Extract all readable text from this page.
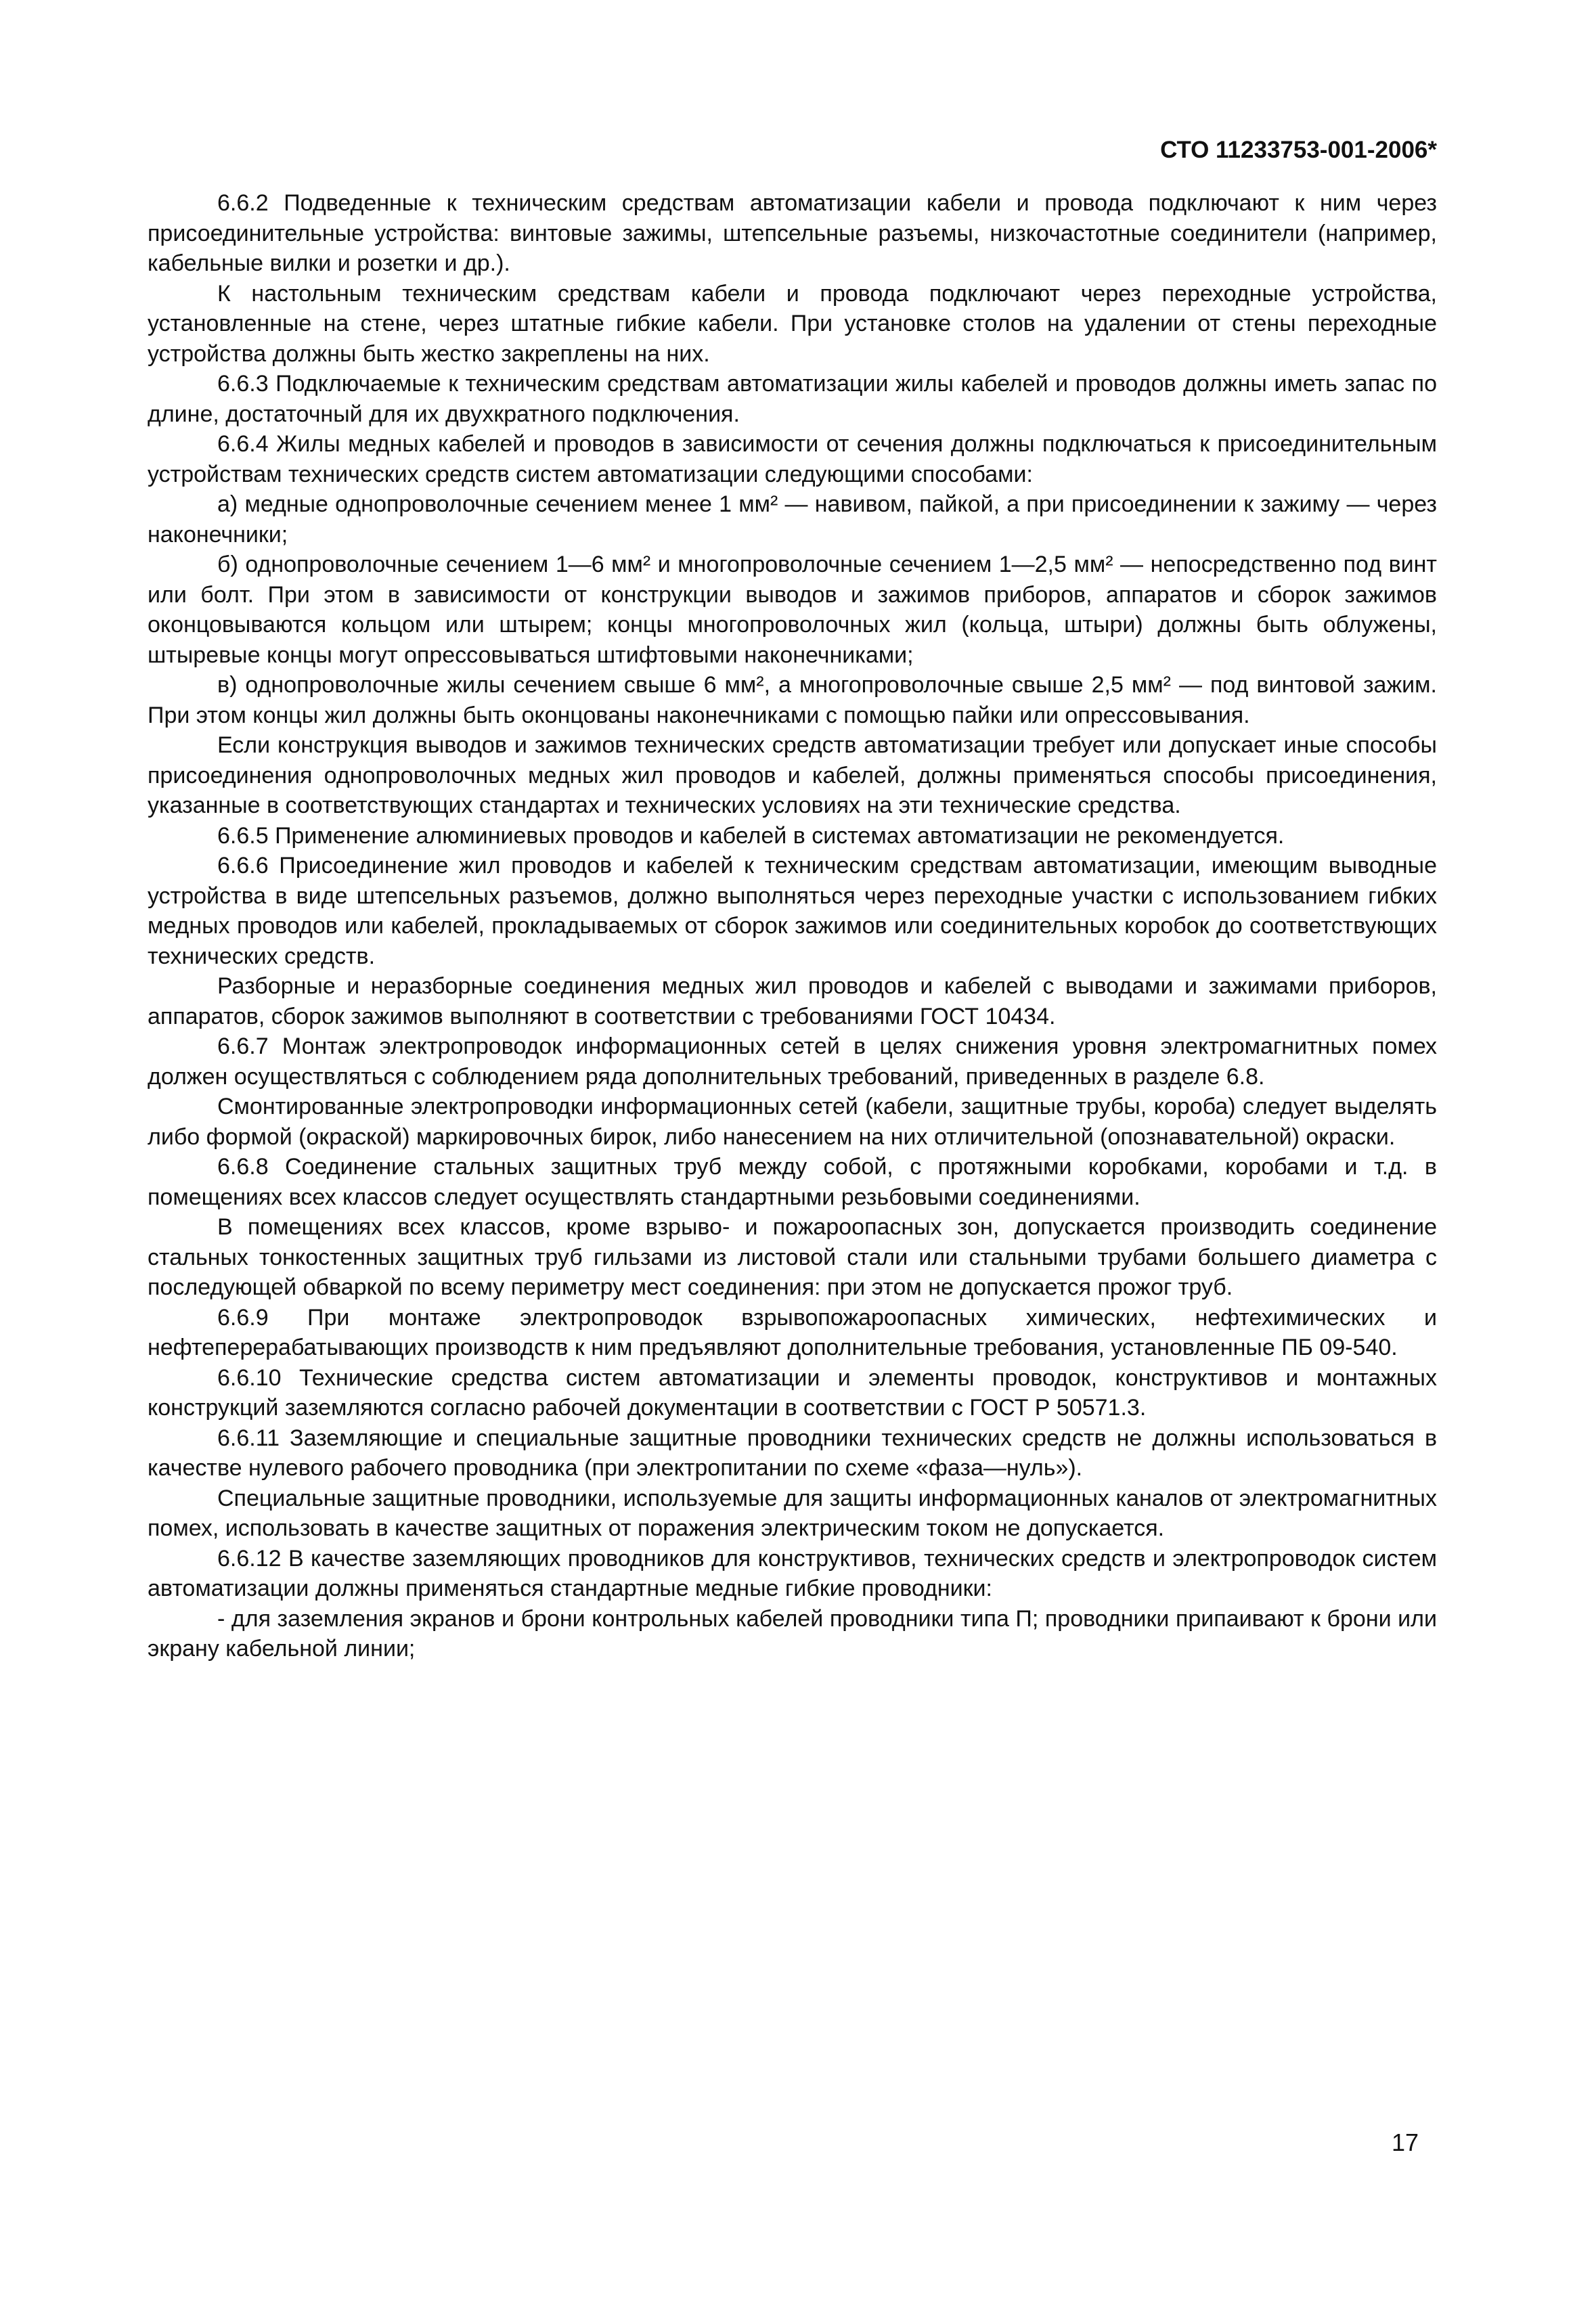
СТО 11233753-001-2006*

6.6.2 Подведенные к техническим средствам автоматизации кабели и провода подключают к ним через присоединительные устройства: винтовые зажимы, штепсельные разъемы, низкочастотные соединители (например, кабельные вилки и розетки и др.).

К настольным техническим средствам кабели и провода подключают через переходные устройства, установленные на стене, через штатные гибкие кабели. При установке столов на удалении от стены переходные устройства должны быть жестко закреплены на них.

6.6.3 Подключаемые к техническим средствам автоматизации жилы кабелей и проводов должны иметь запас по длине, достаточный для их двухкратного подключения.

6.6.4 Жилы медных кабелей и проводов в зависимости от сечения должны подключаться к присоединительным устройствам технических средств систем автоматизации следующими способами:

а) медные однопроволочные сечением менее 1 мм² — навивом, пайкой, а при присоединении к зажиму — через наконечники;

б) однопроволочные сечением 1—6 мм² и многопроволочные сечением 1—2,5 мм² — непосредственно под винт или болт. При этом в зависимости от конструкции выводов и зажимов приборов, аппаратов и сборок зажимов оконцовываются кольцом или штырем; концы многопроволочных жил (кольца, штыри) должны быть облужены, штыревые концы могут опрессовываться штифтовыми наконечниками;

в) однопроволочные жилы сечением свыше 6 мм², а многопроволочные свыше 2,5 мм² — под винтовой зажим. При этом концы жил должны быть оконцованы наконечниками с помощью пайки или опрессовывания.

Если конструкция выводов и зажимов технических средств автоматизации требует или допускает иные способы присоединения однопроволочных медных жил проводов и кабелей, должны применяться способы присоединения, указанные в соответствующих стандартах и технических условиях на эти технические средства.

6.6.5 Применение алюминиевых проводов и кабелей в системах автоматизации не рекомендуется.

6.6.6 Присоединение жил проводов и кабелей к техническим средствам автоматизации, имеющим выводные устройства в виде штепсельных разъемов, должно выполняться через переходные участки с использованием гибких медных проводов или кабелей, прокладываемых от сборок зажимов или соединительных коробок до соответствующих технических средств.

Разборные и неразборные соединения медных жил проводов и кабелей с выводами и зажимами приборов, аппаратов, сборок зажимов выполняют в соответствии с требованиями ГОСТ 10434.

6.6.7 Монтаж электропроводок информационных сетей в целях снижения уровня электромагнитных помех должен осуществляться с соблюдением ряда дополнительных требований, приведенных в разделе 6.8.

Смонтированные электропроводки информационных сетей (кабели, защитные трубы, короба) следует выделять либо формой (окраской) маркировочных бирок, либо нанесением на них отличительной (опознавательной) окраски.

6.6.8 Соединение стальных защитных труб между собой, с протяжными коробками, коробами и т.д. в помещениях всех классов следует осуществлять стандартными резьбовыми соединениями.

В помещениях всех классов, кроме взрыво- и пожароопасных зон, допускается производить соединение стальных тонкостенных защитных труб гильзами из листовой стали или стальными трубами большего диаметра с последующей обваркой по всему периметру мест соединения: при этом не допускается прожог труб.

6.6.9 При монтаже электропроводок взрывопожароопасных химических, нефтехимических и нефтеперерабатывающих производств к ним предъявляют дополнительные требования, установленные ПБ 09-540.

6.6.10 Технические средства систем автоматизации и элементы проводок, конструктивов и монтажных конструкций заземляются согласно рабочей документации в соответствии с ГОСТ Р 50571.3.

6.6.11 Заземляющие и специальные защитные проводники технических средств не должны использоваться в качестве нулевого рабочего проводника (при электропитании по схеме «фаза—нуль»).

Специальные защитные проводники, используемые для защиты информационных каналов от электромагнитных помех, использовать в качестве защитных от поражения электрическим током не допускается.

6.6.12 В качестве заземляющих проводников для конструктивов, технических средств и электропроводок систем автоматизации должны применяться стандартные медные гибкие проводники:

- для заземления экранов и брони контрольных кабелей проводники типа П; проводники припаивают к брони или экрану кабельной линии;

17
